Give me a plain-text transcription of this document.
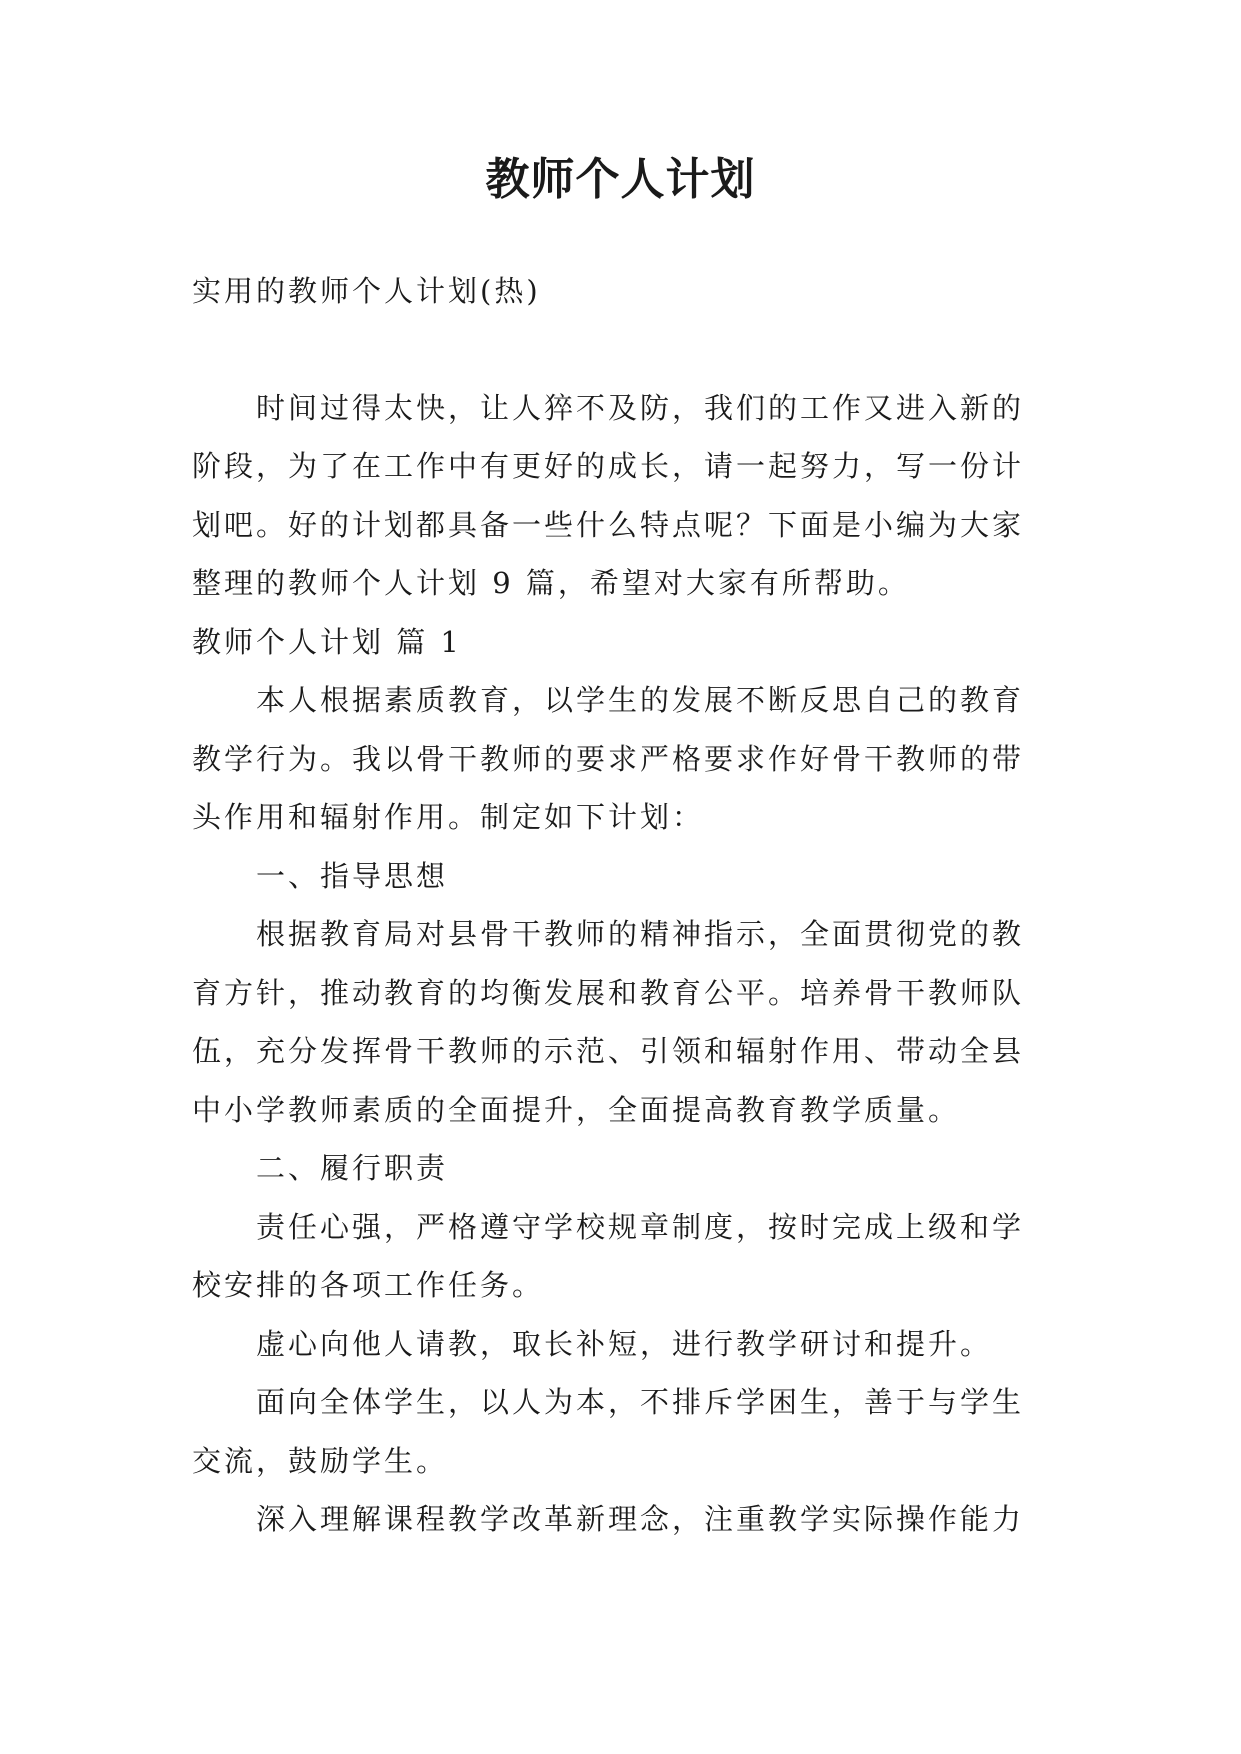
教师个人计划

实用的教师个人计划(热)

时间过得太快，让人猝不及防，我们的工作又进入新的

阶段，为了在工作中有更好的成长，请一起努力，写一份计

划吧。好的计划都具备一些什么特点呢？下面是小编为大家

整理的教师个人计划 9 篇，希望对大家有所帮助。

教师个人计划 篇 1

本人根据素质教育，以学生的发展不断反思自己的教育

教学行为。我以骨干教师的要求严格要求作好骨干教师的带

头作用和辐射作用。制定如下计划：

一、指导思想

根据教育局对县骨干教师的精神指示，全面贯彻党的教

育方针，推动教育的均衡发展和教育公平。培养骨干教师队

伍，充分发挥骨干教师的示范、引领和辐射作用、带动全县

中小学教师素质的全面提升，全面提高教育教学质量。

二、履行职责

责任心强，严格遵守学校规章制度，按时完成上级和学

校安排的各项工作任务。

虚心向他人请教，取长补短，进行教学研讨和提升。

面向全体学生，以人为本，不排斥学困生，善于与学生

交流，鼓励学生。

深入理解课程教学改革新理念，注重教学实际操作能力
